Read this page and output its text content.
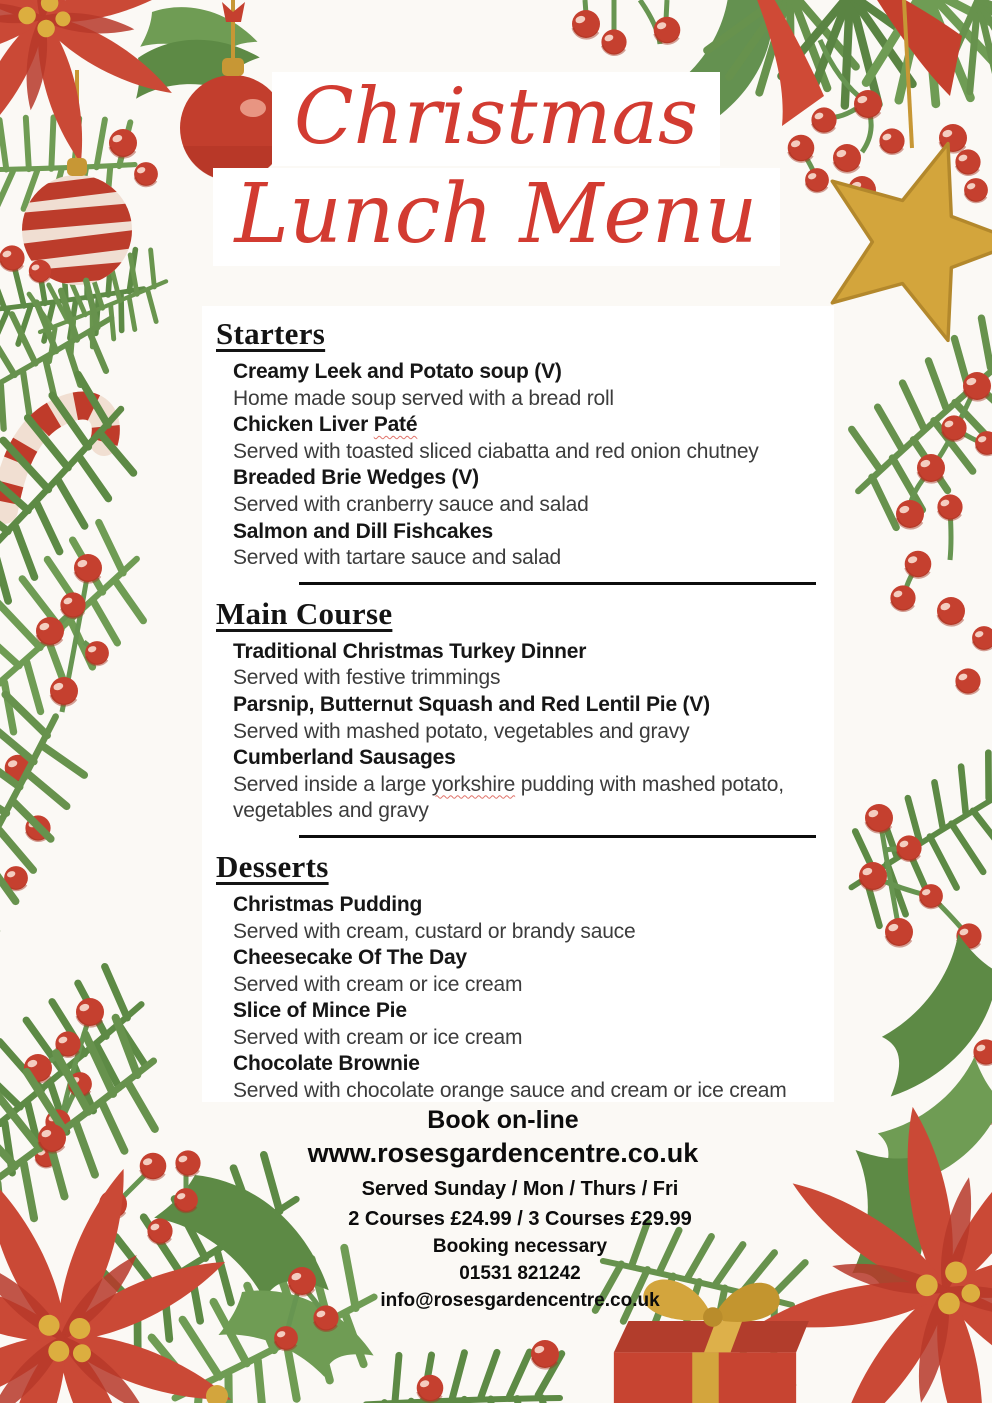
Christmas
Lunch Menu
Starters

Creamy Leek and Potato soup (V)

Home made soup served with a bread roll

Chicken Liver Paté

Served with toasted sliced ciabatta and red onion chutney

Breaded Brie Wedges (V)

Served with cranberry sauce and salad

Salmon and Dill Fishcakes

Served with tartare sauce and salad

Main Course

Traditional Christmas Turkey Dinner

Served with festive trimmings

Parsnip, Butternut Squash and Red Lentil Pie (V)

Served with mashed potato, vegetables and gravy

Cumberland Sausages

Served inside a large yorkshire pudding with mashed potato, vegetables and gravy

Desserts

Christmas Pudding

Served with cream, custard or brandy sauce

Cheesecake Of The Day

Served with cream or ice cream

Slice of Mince Pie

Served with cream or ice cream

Chocolate Brownie

Served with chocolate orange sauce and cream or ice cream

Book on-line
www.rosesgardencentre.co.uk

Served Sunday / Mon / Thurs / Fri

2 Courses £24.99 / 3 Courses £29.99

Booking necessary

01531 821242

info@rosesgardencentre.co.uk
